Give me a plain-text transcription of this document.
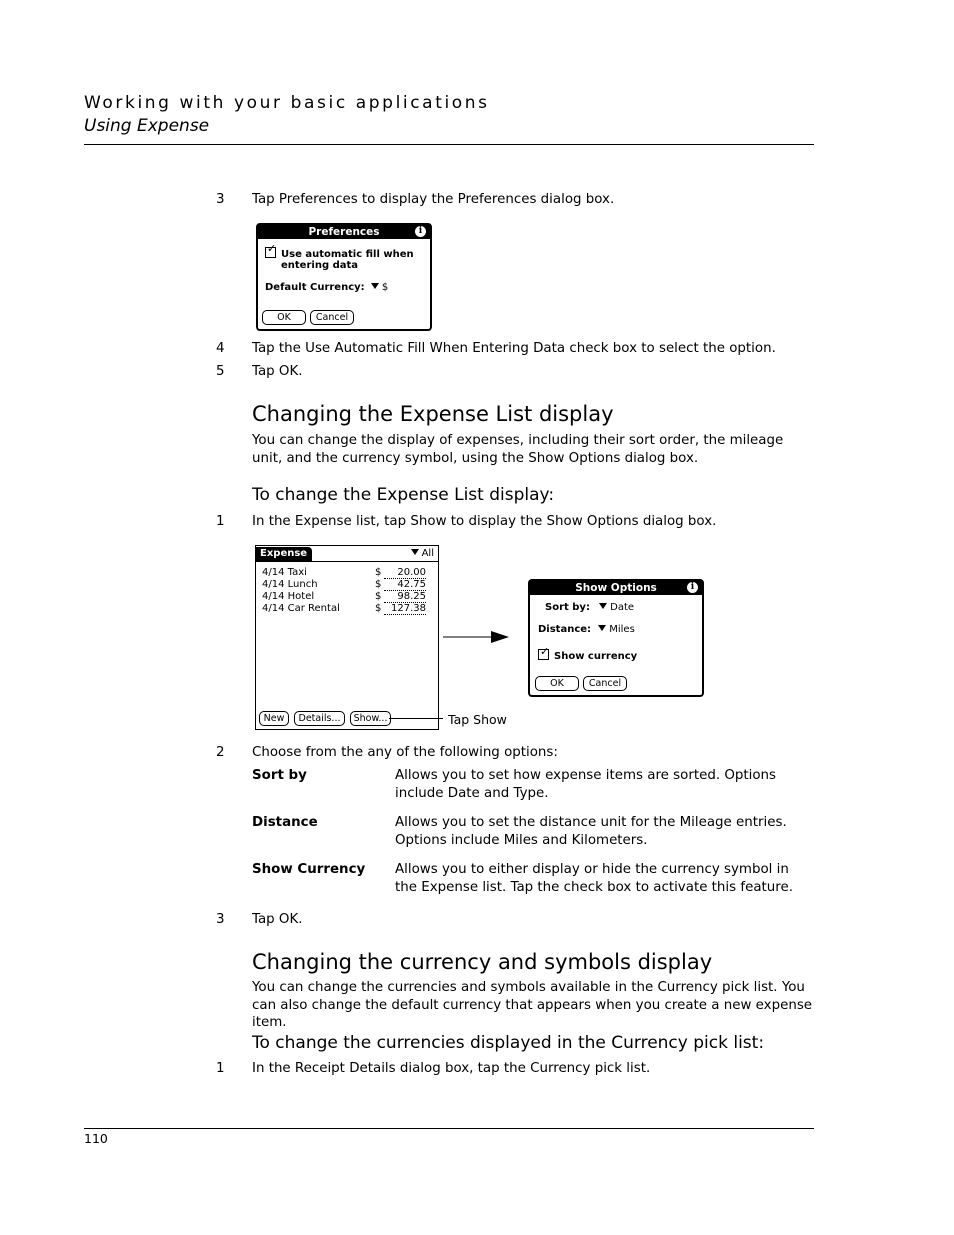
Working with your basic applications
Using Expense
3 Tap Preferences to display the Preferences dialog box.
Preferences	i
✓Use automatic fill when
entering data
Default Currency: $
OK	Cancel
4 Tap the Use Automatic Fill When Entering Data check box to select the option.
5 Tap OK.
Changing the Expense List display
You can change the display of expenses, including their sort order, the mileage unit, and the currency symbol, using the Show Options dialog box.
To change the Expense List display:
1 In the Expense list, tap Show to display the Show Options dialog box.
Expense	All
4/14 Taxi	$	20.00
4/14 Lunch	$	42.75
4/14 Hotel	$	98.25
4/14 Car Rental	$ 127.38
New	Details...	Show...	Tap Show
Show Options	i
Sort by: Date
Distance: Miles
✓Show currency
OK	Cancel
2 Choose from the any of the following options:
Sort by	Allows you to set how expense items are sorted. Options include Date and Type.
Distance	Allows you to set the distance unit for the Mileage entries. Options include Miles and Kilometers.
Show Currency Allows you to either display or hide the currency symbol in the Expense list. Tap the check box to activate this feature.
3 Tap OK.
Changing the currency and symbols display
You can change the currencies and symbols available in the Currency pick list. You can also change the default currency that appears when you create a new expense item.
To change the currencies displayed in the Currency pick list:
1 In the Receipt Details dialog box, tap the Currency pick list.
110
